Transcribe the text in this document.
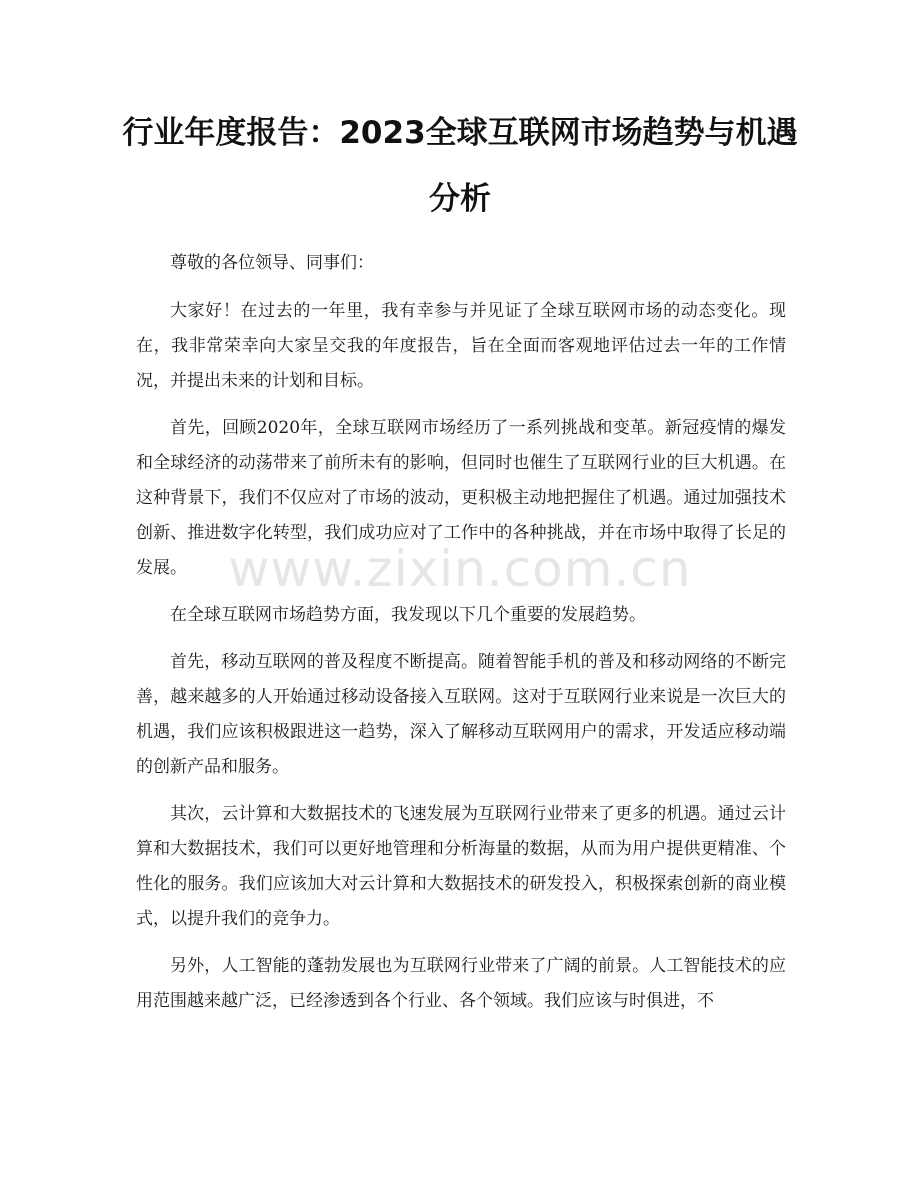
行业年度报告：2023全球互联网市场趋势与机遇分析

尊敬的各位领导、同事们：

大家好！在过去的一年里，我有幸参与并见证了全球互联网市场的动态变化。现在，我非常荣幸向大家呈交我的年度报告，旨在全面而客观地评估过去一年的工作情况，并提出未来的计划和目标。

首先，回顾2020年，全球互联网市场经历了一系列挑战和变革。新冠疫情的爆发和全球经济的动荡带来了前所未有的影响，但同时也催生了互联网行业的巨大机遇。在这种背景下，我们不仅应对了市场的波动，更积极主动地把握住了机遇。通过加强技术创新、推进数字化转型，我们成功应对了工作中的各种挑战，并在市场中取得了长足的发展。

在全球互联网市场趋势方面，我发现以下几个重要的发展趋势。

首先，移动互联网的普及程度不断提高。随着智能手机的普及和移动网络的不断完善，越来越多的人开始通过移动设备接入互联网。这对于互联网行业来说是一次巨大的机遇，我们应该积极跟进这一趋势，深入了解移动互联网用户的需求，开发适应移动端的创新产品和服务。

其次，云计算和大数据技术的飞速发展为互联网行业带来了更多的机遇。通过云计算和大数据技术，我们可以更好地管理和分析海量的数据，从而为用户提供更精准、个性化的服务。我们应该加大对云计算和大数据技术的研发投入，积极探索创新的商业模式，以提升我们的竞争力。

另外，人工智能的蓬勃发展也为互联网行业带来了广阔的前景。人工智能技术的应用范围越来越广泛，已经渗透到各个行业、各个领域。我们应该与时俱进，不

www.zixin.com.cn
